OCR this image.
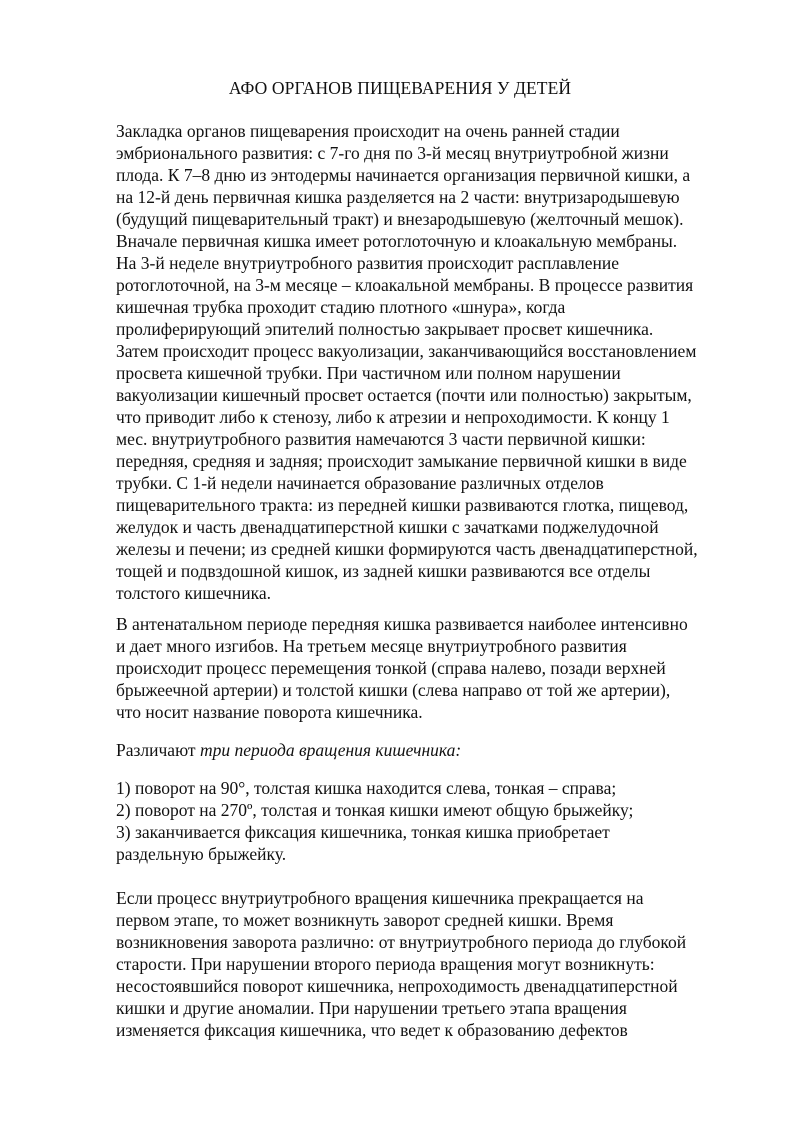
АФО ОРГАНОВ ПИЩЕВАРЕНИЯ У ДЕТЕЙ
Закладка органов пищеварения происходит на очень ранней стадии
эмбрионального развития: с 7-го дня по 3-й месяц внутриутробной жизни
плода. К 7–8 дню из энтодермы начинается организация первичной кишки, а
на 12-й день первичная кишка разделяется на 2 части: внутризародышевую
(будущий пищеварительный тракт) и внезародышевую (желточный мешок).
Вначале первичная кишка имеет ротоглоточную и клоакальную мембраны.
На 3-й неделе внутриутробного развития происходит расплавление
ротоглоточной, на 3-м месяце – клоакальной мембраны. В процессе развития
кишечная трубка проходит стадию плотного «шнура», когда
пролиферирующий эпителий полностью закрывает просвет кишечника.
Затем происходит процесс вакуолизации, заканчивающийся восстановлением
просвета кишечной трубки. При частичном или полном нарушении
вакуолизации кишечный просвет остается (почти или полностью) закрытым,
что приводит либо к стенозу, либо к атрезии и непроходимости. К концу 1
мес. внутриутробного развития намечаются 3 части первичной кишки:
передняя, средняя и задняя; происходит замыкание первичной кишки в виде
трубки. С 1-й недели начинается образование различных отделов
пищеварительного тракта: из передней кишки развиваются глотка, пищевод,
желудок и часть двенадцатиперстной кишки с зачатками поджелудочной
железы и печени; из средней кишки формируются часть двенадцатиперстной,
тощей и подвздошной кишок, из задней кишки развиваются все отделы
толстого кишечника.
В антенатальном периоде передняя кишка развивается наиболее интенсивно
и дает много изгибов. На третьем месяце внутриутробного развития
происходит процесс перемещения тонкой (справа налево, позади верхней
брыжеечной артерии) и толстой кишки (слева направо от той же артерии),
что носит название поворота кишечника.
Различают три периода вращения кишечника:
1) поворот на 90°, толстая кишка находится слева, тонкая – справа;
2) поворот на 270º, толстая и тонкая кишки имеют общую брыжейку;
3) заканчивается фиксация кишечника, тонкая кишка приобретает
раздельную брыжейку.
Если процесс внутриутробного вращения кишечника прекращается на
первом этапе, то может возникнуть заворот средней кишки. Время
возникновения заворота различно: от внутриутробного периода до глубокой
старости. При нарушении второго периода вращения могут возникнуть:
несостоявшийся поворот кишечника, непроходимость двенадцатиперстной
кишки и другие аномалии. При нарушении третьего этапа вращения
изменяется фиксация кишечника, что ведет к образованию дефектов
